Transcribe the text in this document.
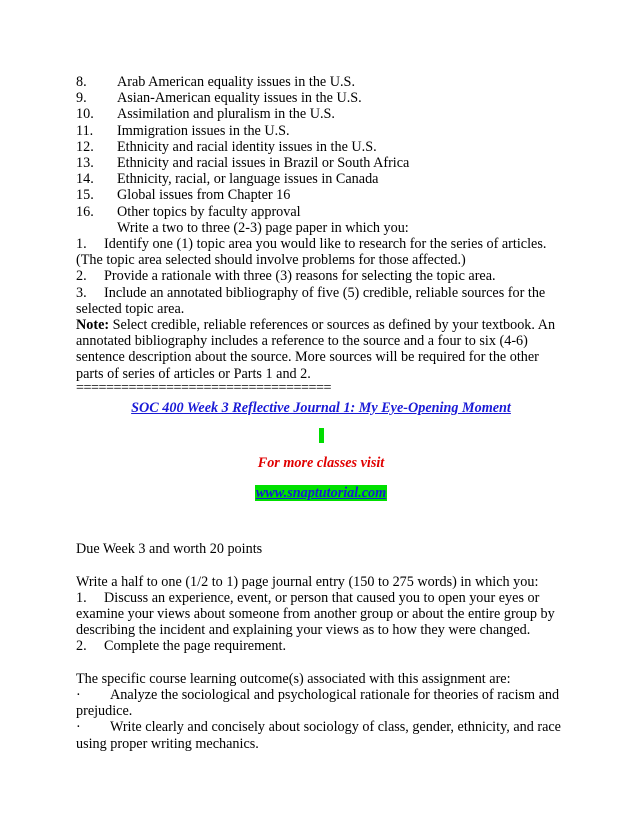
8.	Arab American equality issues in the U.S.
9.	Asian-American equality issues in the U.S.
10.	Assimilation and pluralism in the U.S.
11.	Immigration issues in the U.S.
12.	Ethnicity and racial identity issues in the U.S.
13.	Ethnicity and racial issues in Brazil or South Africa
14.	Ethnicity, racial, or language issues in Canada
15.	Global issues from Chapter 16
16.	Other topics by faculty approval

Write a two to three (2-3) page paper in which you:

1. Identify one (1) topic area you would like to research for the series of articles. (The topic area selected should involve problems for those affected.)

2. Provide a rationale with three (3) reasons for selecting the topic area.

3. Include an annotated bibliography of five (5) credible, reliable sources for the selected topic area.

Note: Select credible, reliable references or sources as defined by your textbook. An annotated bibliography includes a reference to the source and a four to six (4-6) sentence description about the source. More sources will be required for the other parts of series of articles or Parts 1 and 2.

==================================

SOC 400 Week 3 Reflective Journal 1: My Eye-Opening Moment
For more classes visit
www.snaptutorial.com

Due Week 3 and worth 20 points

Write a half to one (1/2 to 1) page journal entry (150 to 275 words) in which you:

1. Discuss an experience, event, or person that caused you to open your eyes or examine your views about someone from another group or about the entire group by describing the incident and explaining your views as to how they were changed.

2. Complete the page requirement.

The specific course learning outcome(s) associated with this assignment are:

· Analyze the sociological and psychological rationale for theories of racism and prejudice.

· Write clearly and concisely about sociology of class, gender, ethnicity, and race using proper writing mechanics.
